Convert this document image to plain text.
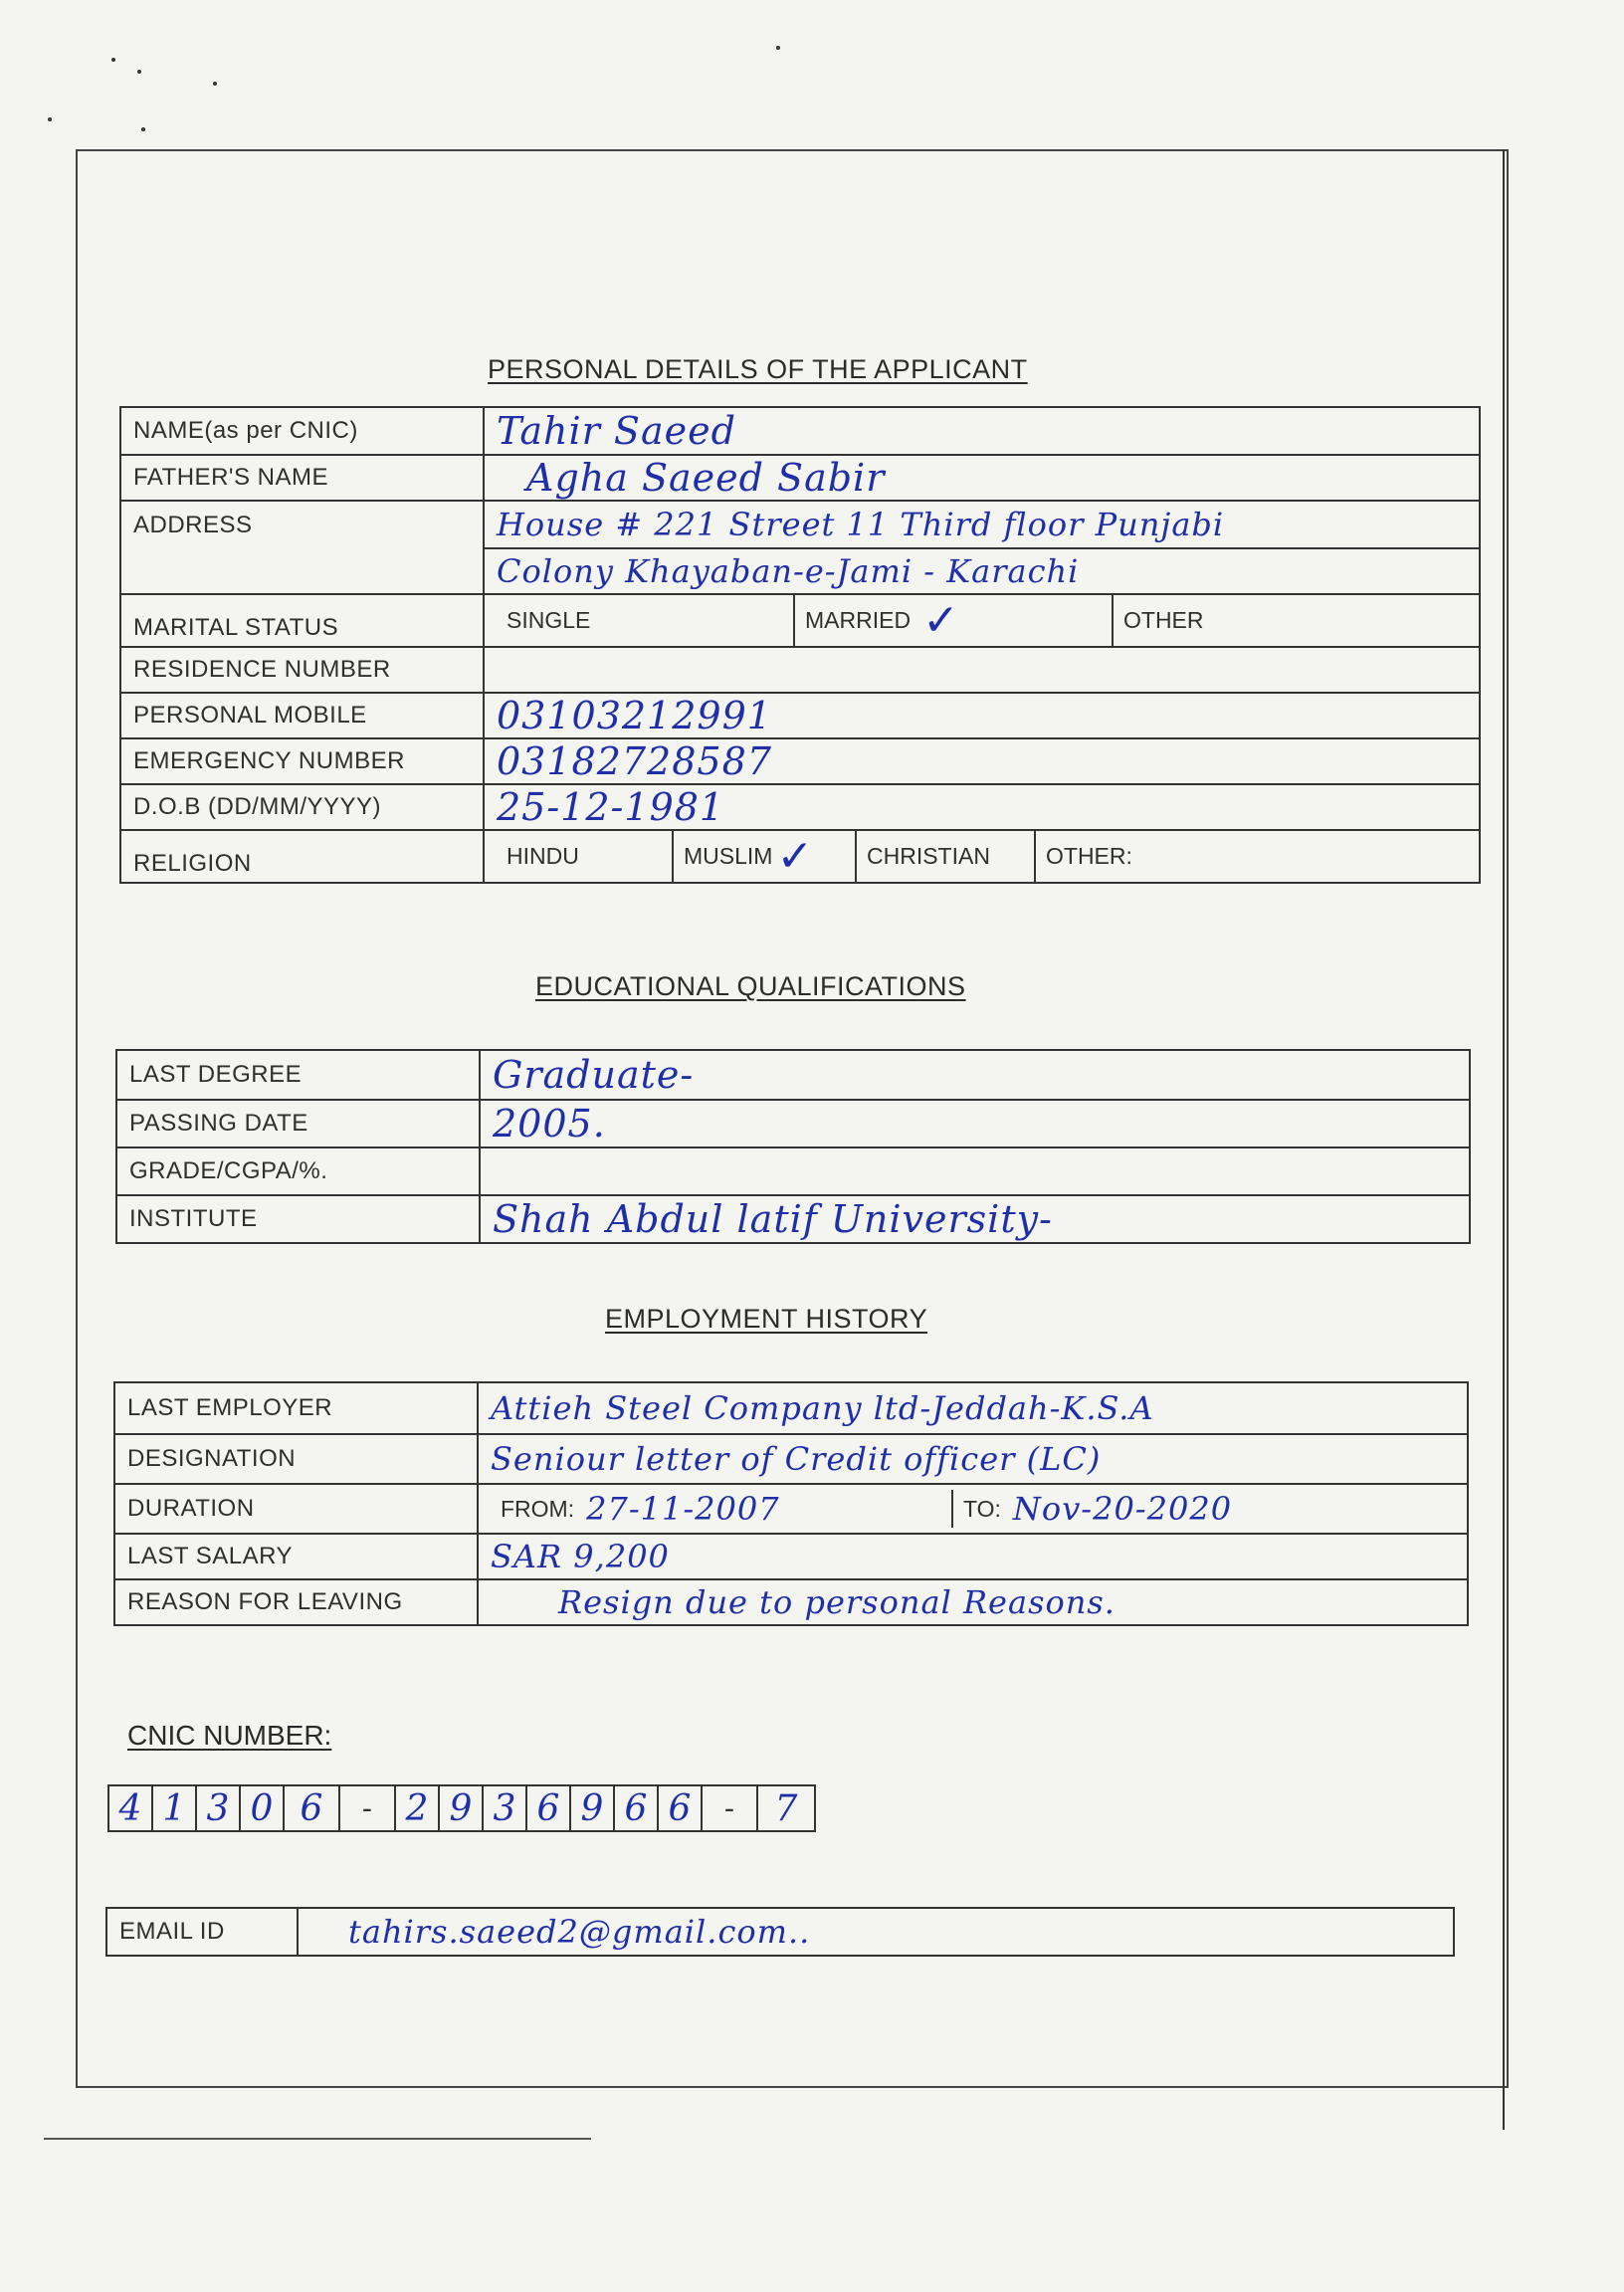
PERSONAL DETAILS OF THE APPLICANT
NAME(as per CNIC)	Tahir Saeed
FATHER'S NAME	Agha Saeed Sabir
ADDRESS	House # 221 Street 11 Third floor Punjabi
	Colony Khayaban-e-Jami - Karachi
MARITAL STATUS	SINGLE MARRIED ✓ OTHER

RESIDENCE NUMBER	
PERSONAL MOBILE	03103212991
EMERGENCY NUMBER	03182728587
D.O.B (DD/MM/YYYY)	25-12-1981
RELIGION	HINDU MUSLIM ✓ CHRISTIAN OTHER:
EDUCATIONAL QUALIFICATIONS
LAST DEGREE	Graduate-
PASSING DATE	2005.
GRADE/CGPA/%.	
INSTITUTE	Shah Abdul latif University-
EMPLOYMENT HISTORY
LAST EMPLOYER	Attieh Steel Company ltd-Jeddah-K.S.A
DESIGNATION	Seniour letter of Credit officer (LC)
DURATION	FROM: 27-11-2007 TO: Nov-20-2020

LAST SALARY	SAR 9,200
REASON FOR LEAVING	Resign due to personal Reasons.
CNIC NUMBER:
4 1 3 0 6	- 2 9 3 6 9 6 6	-	7
EMAIL ID	tahirs.saeed2@gmail.com..
